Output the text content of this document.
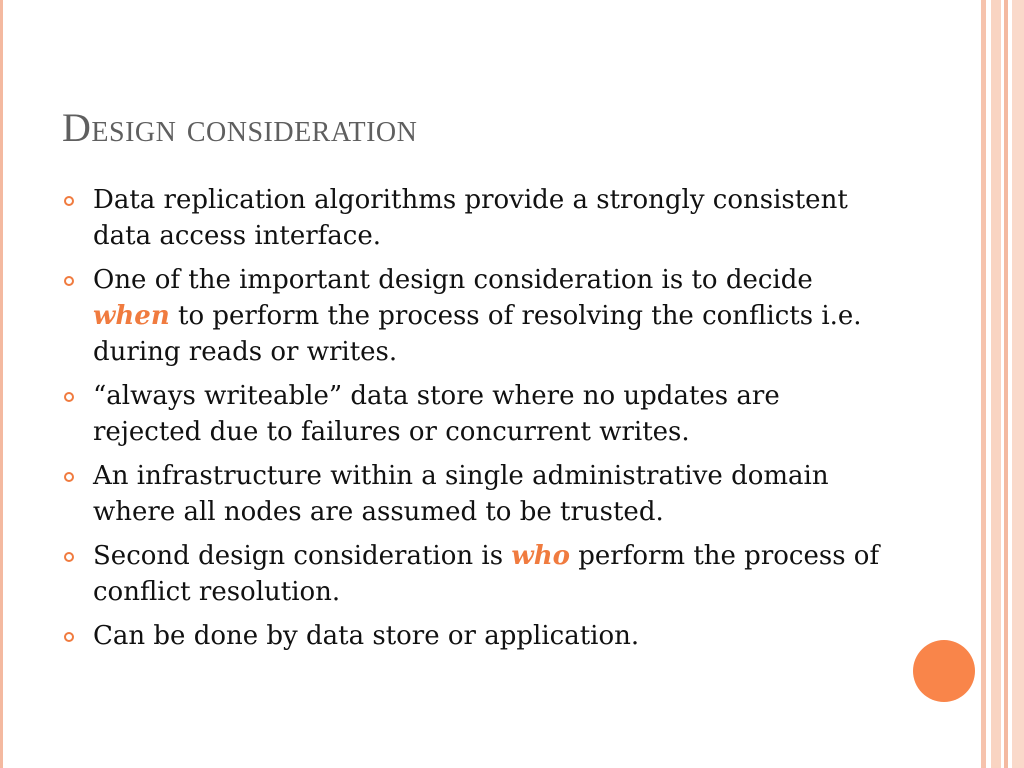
Design consideration
Data replication algorithms provide a strongly consistent data access interface.
One of the important design consideration is to decide when to perform the process of resolving the conflicts i.e. during reads or writes.
“always writeable” data store where no updates are rejected due to failures or concurrent writes.
An infrastructure within a single administrative domain where all nodes are assumed to be trusted.
Second design consideration is who perform the process of conflict resolution.
Can be done by data store or application.
